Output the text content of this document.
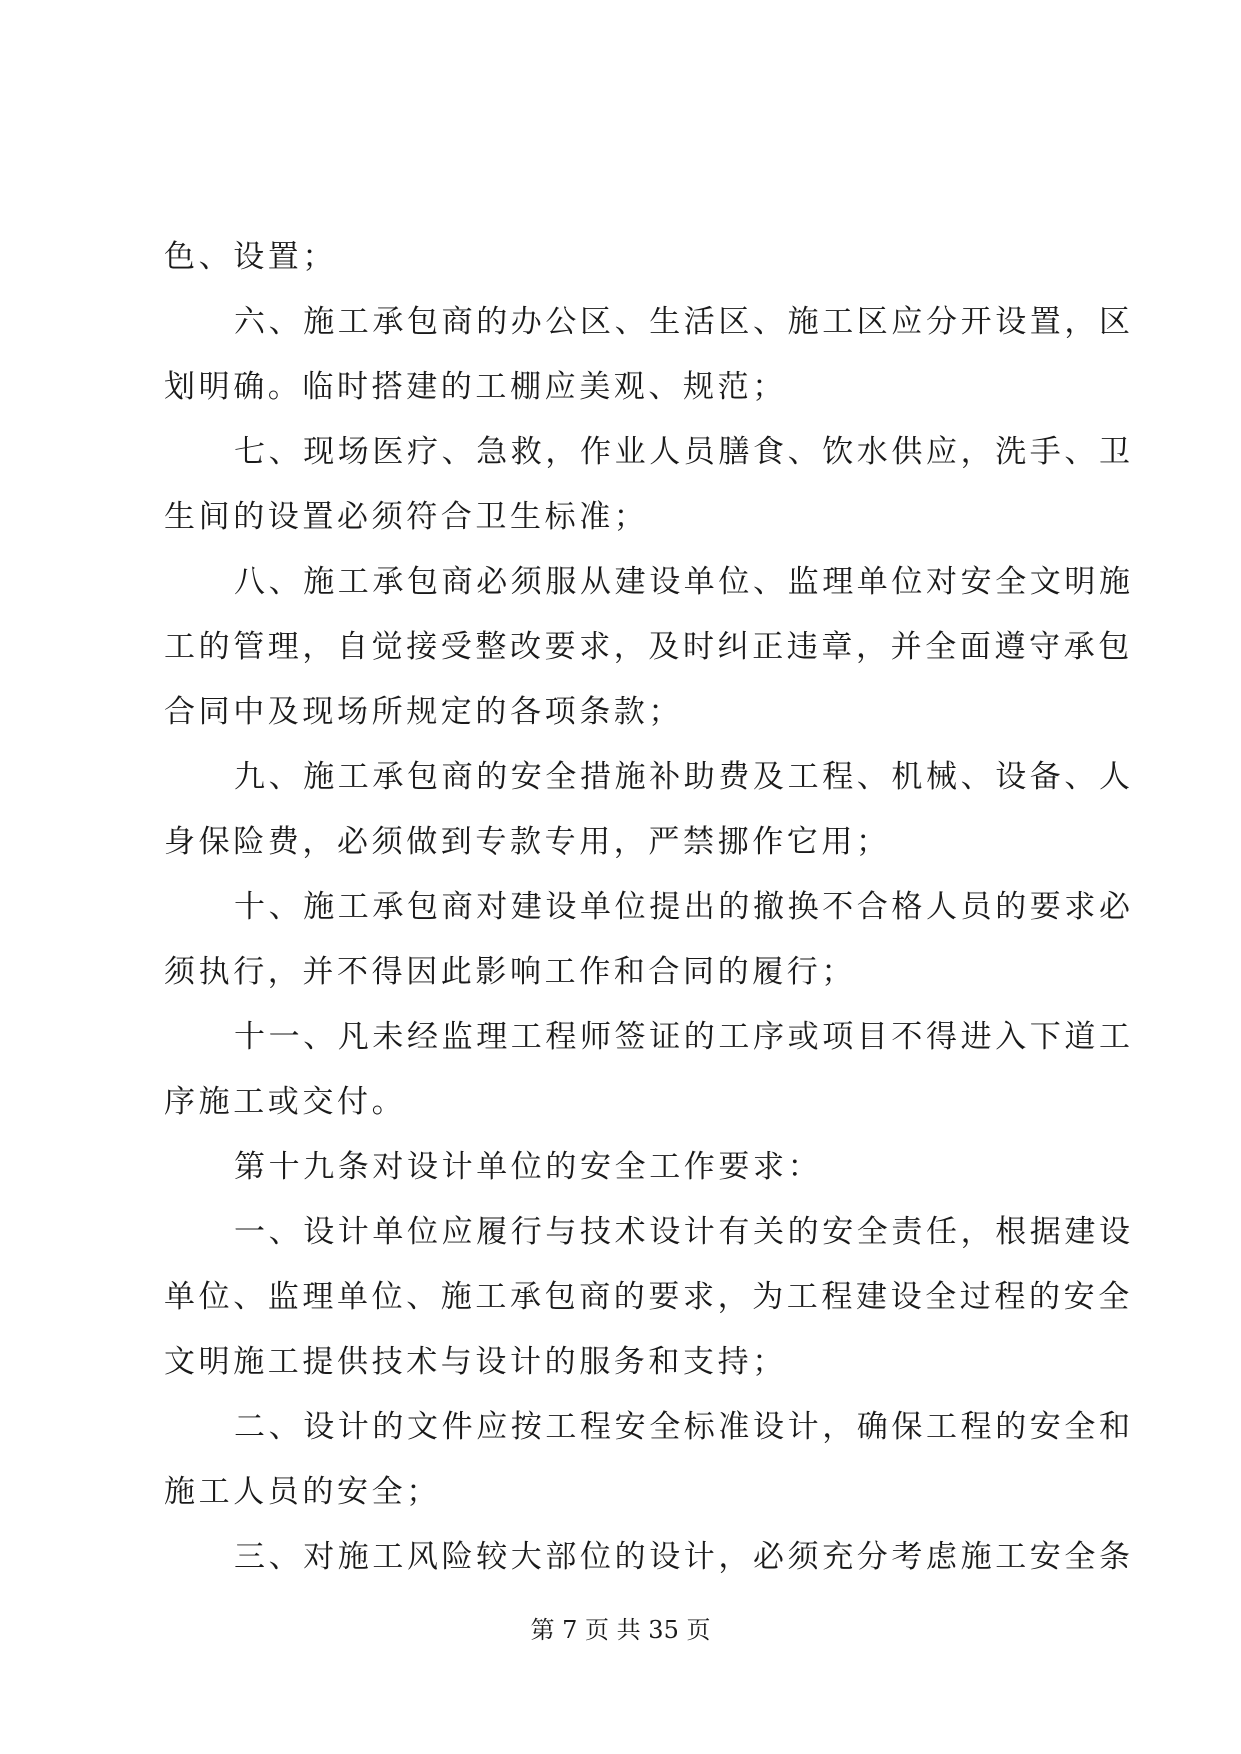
色、设置；
六、施工承包商的办公区、生活区、施工区应分开设置，区
划明确。临时搭建的工棚应美观、规范；
七、现场医疗、急救，作业人员膳食、饮水供应，洗手、卫
生间的设置必须符合卫生标准；
八、施工承包商必须服从建设单位、监理单位对安全文明施
工的管理，自觉接受整改要求，及时纠正违章，并全面遵守承包
合同中及现场所规定的各项条款；
九、施工承包商的安全措施补助费及工程、机械、设备、人
身保险费，必须做到专款专用，严禁挪作它用；
十、施工承包商对建设单位提出的撤换不合格人员的要求必
须执行，并不得因此影响工作和合同的履行；
十一、凡未经监理工程师签证的工序或项目不得进入下道工
序施工或交付。
第十九条对设计单位的安全工作要求：
一、设计单位应履行与技术设计有关的安全责任，根据建设
单位、监理单位、施工承包商的要求，为工程建设全过程的安全
文明施工提供技术与设计的服务和支持；
二、设计的文件应按工程安全标准设计，确保工程的安全和
施工人员的安全；
三、对施工风险较大部位的设计，必须充分考虑施工安全条
第 7 页 共 35 页
